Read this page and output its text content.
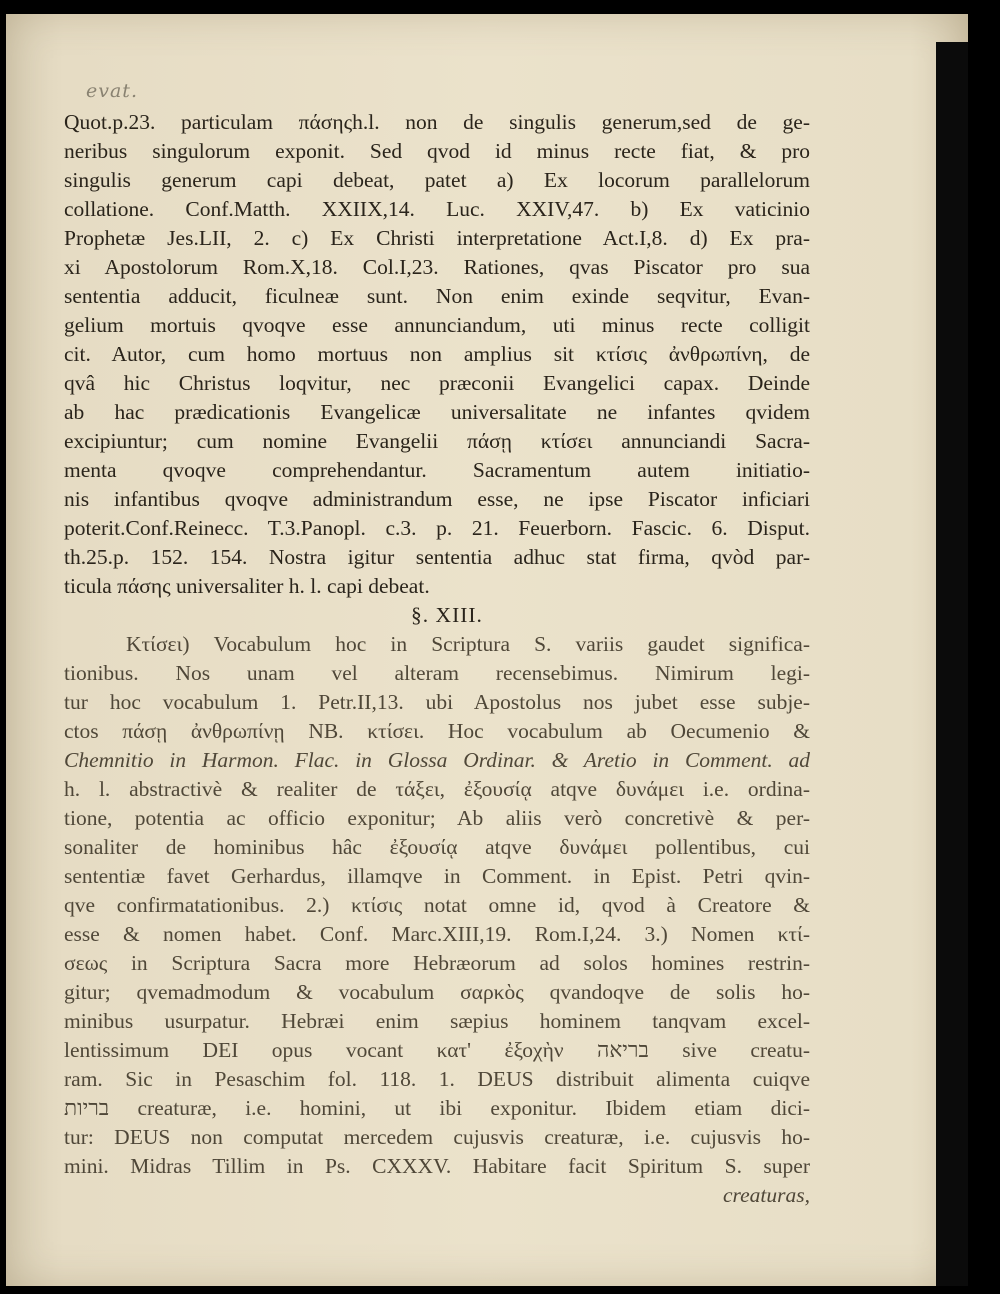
evat.
Quot.p.23. particulam πάσηςh.l. non de singulis generum,sed de ge-
neribus singulorum exponit. Sed qvod id minus recte fiat, & pro
singulis generum capi debeat, patet a) Ex locorum parallelorum
collatione. Conf.Matth. XXIIX,14. Luc. XXIV,47. b) Ex vaticinio
Prophetæ Jes.LII, 2. c) Ex Christi interpretatione Act.I,8. d) Ex pra-
xi Apostolorum Rom.X,18. Col.I,23. Rationes, qvas Piscator pro sua
sententia adducit, ficulneæ sunt. Non enim exinde seqvitur, Evan-
gelium mortuis qvoqve esse annunciandum, uti minus recte colligit
cit. Autor, cum homo mortuus non amplius sit κτίσις ἀνθρωπίνη, de
qvâ hic Christus loqvitur, nec præconii Evangelici capax. Deinde
ab hac prædicationis Evangelicæ universalitate ne infantes qvidem
excipiuntur; cum nomine Evangelii πάσῃ κτίσει annunciandi Sacra-
menta qvoqve comprehendantur. Sacramentum autem initiatio-
nis infantibus qvoqve administrandum esse, ne ipse Piscator inficiari
poterit.Conf.Reinecc. T.3.Panopl. c.3. p. 21. Feuerborn. Fascic. 6. Disput.
th.25.p. 152. 154. Nostra igitur sententia adhuc stat firma, qvòd par-
ticula πάσης universaliter h. l. capi debeat.
§. XIII.
Κτίσει) Vocabulum hoc in Scriptura S. variis gaudet significa-
tionibus. Nos unam vel alteram recensebimus. Nimirum legi-
tur hoc vocabulum 1. Petr.II,13. ubi Apostolus nos jubet esse subje-
ctos πάσῃ ἀνθρωπίνῃ NB. κτίσει. Hoc vocabulum ab Oecumenio &
Chemnitio in Harmon. Flac. in Glossa Ordinar. & Aretio in Comment. ad
h. l. abstractivè & realiter de τάξει, ἐξουσίᾳ atqve δυνάμει i.e. ordina-
tione, potentia ac officio exponitur; Ab aliis verò concretivè & per-
sonaliter de hominibus hâc ἐξουσίᾳ atqve δυνάμει pollentibus, cui
sententiæ favet Gerhardus, illamqve in Comment. in Epist. Petri qvin-
qve confirmatationibus. 2.) κτίσις notat omne id, qvod à Creatore &
esse & nomen habet. Conf. Marc.XIII,19. Rom.I,24. 3.) Nomen κτί-
σεως in Scriptura Sacra more Hebræorum ad solos homines restrin-
gitur; qvemadmodum & vocabulum σαρκὸς qvandoqve de solis ho-
minibus usurpatur. Hebræi enim sæpius hominem tanqvam excel-
lentissimum DEI opus vocant κατ' ἐξοχὴν בריאה sive creatu-
ram. Sic in Pesaschim fol. 118. 1. DEUS distribuit alimenta cuiqve
בריות creaturæ, i.e. homini, ut ibi exponitur. Ibidem etiam dici-
tur: DEUS non computat mercedem cujusvis creaturæ, i.e. cujusvis ho-
mini. Midras Tillim in Ps. CXXXV. Habitare facit Spiritum S. super
creaturas,
